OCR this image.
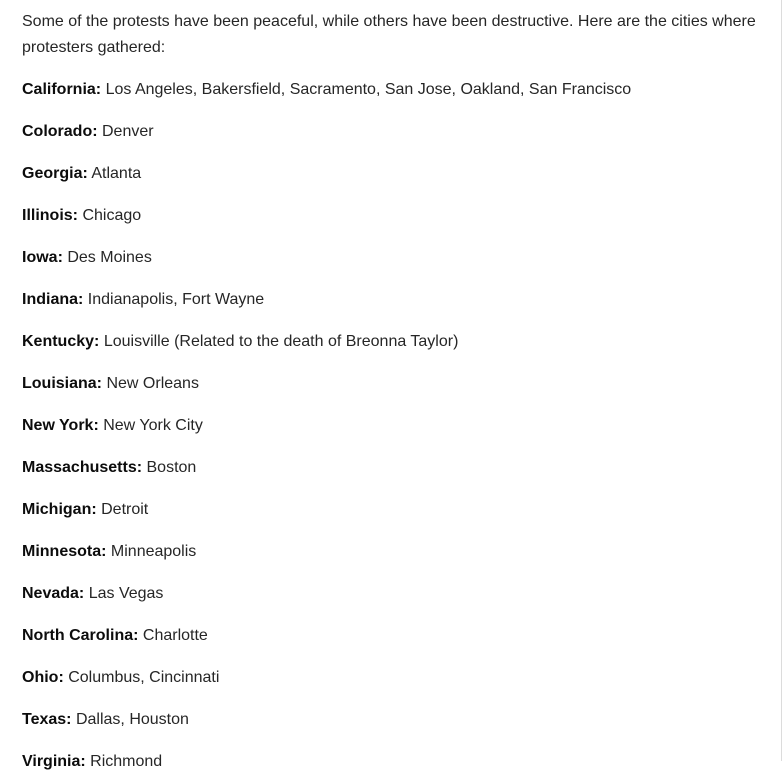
Some of the protests have been peaceful, while others have been destructive. Here are the cities where protesters gathered:

California: Los Angeles, Bakersfield, Sacramento, San Jose, Oakland, San Francisco

Colorado: Denver

Georgia: Atlanta

Illinois: Chicago

Iowa: Des Moines

Indiana: Indianapolis, Fort Wayne

Kentucky: Louisville (Related to the death of Breonna Taylor)

Louisiana: New Orleans

New York: New York City

Massachusetts: Boston

Michigan: Detroit

Minnesota: Minneapolis

Nevada: Las Vegas

North Carolina: Charlotte

Ohio: Columbus, Cincinnati

Texas: Dallas, Houston

Virginia: Richmond
